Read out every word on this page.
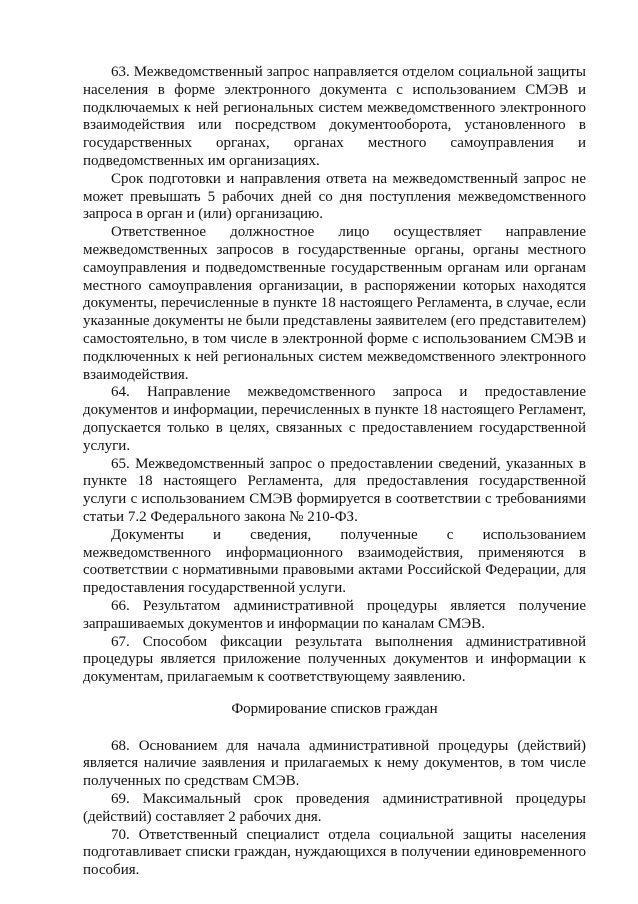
63. Межведомственный запрос направляется отделом социальной защиты населения в форме электронного документа с использованием СМЭВ и подключаемых к ней региональных систем межведомственного электронного взаимодействия или посредством документооборота, установленного в государственных органах, органах местного самоуправления и подведомственных им организациях.

Срок подготовки и направления ответа на межведомственный запрос не может превышать 5 рабочих дней со дня поступления межведомственного запроса в орган и (или) организацию.

Ответственное должностное лицо осуществляет направление межведомственных запросов в государственные органы, органы местного самоуправления и подведомственные государственным органам или органам местного самоуправления организации, в распоряжении которых находятся документы, перечисленные в пункте 18 настоящего Регламента, в случае, если указанные документы не были представлены заявителем (его представителем) самостоятельно, в том числе в электронной форме с использованием СМЭВ и подключенных к ней региональных систем межведомственного электронного взаимодействия.

64. Направление межведомственного запроса и предоставление документов и информации, перечисленных в пункте 18 настоящего Регламент, допускается только в целях, связанных с предоставлением государственной услуги.

65. Межведомственный запрос о предоставлении сведений, указанных в пункте 18 настоящего Регламента, для предоставления государственной услуги с использованием СМЭВ формируется в соответствии с требованиями статьи 7.2 Федерального закона № 210-ФЗ.

Документы и сведения, полученные с использованием межведомственного информационного взаимодействия, применяются в соответствии с нормативными правовыми актами Российской Федерации, для предоставления государственной услуги.

66. Результатом административной процедуры является получение запрашиваемых документов и информации по каналам СМЭВ.

67. Способом фиксации результата выполнения административной процедуры является приложение полученных документов и информации к документам, прилагаемым к соответствующему заявлению.

Формирование списков граждан

68. Основанием для начала административной процедуры (действий) является наличие заявления и прилагаемых к нему документов, в том числе полученных по средствам СМЭВ.

69. Максимальный срок проведения административной процедуры (действий) составляет 2 рабочих дня.

70. Ответственный специалист отдела социальной защиты населения подготавливает списки граждан, нуждающихся в получении единовременного пособия.
